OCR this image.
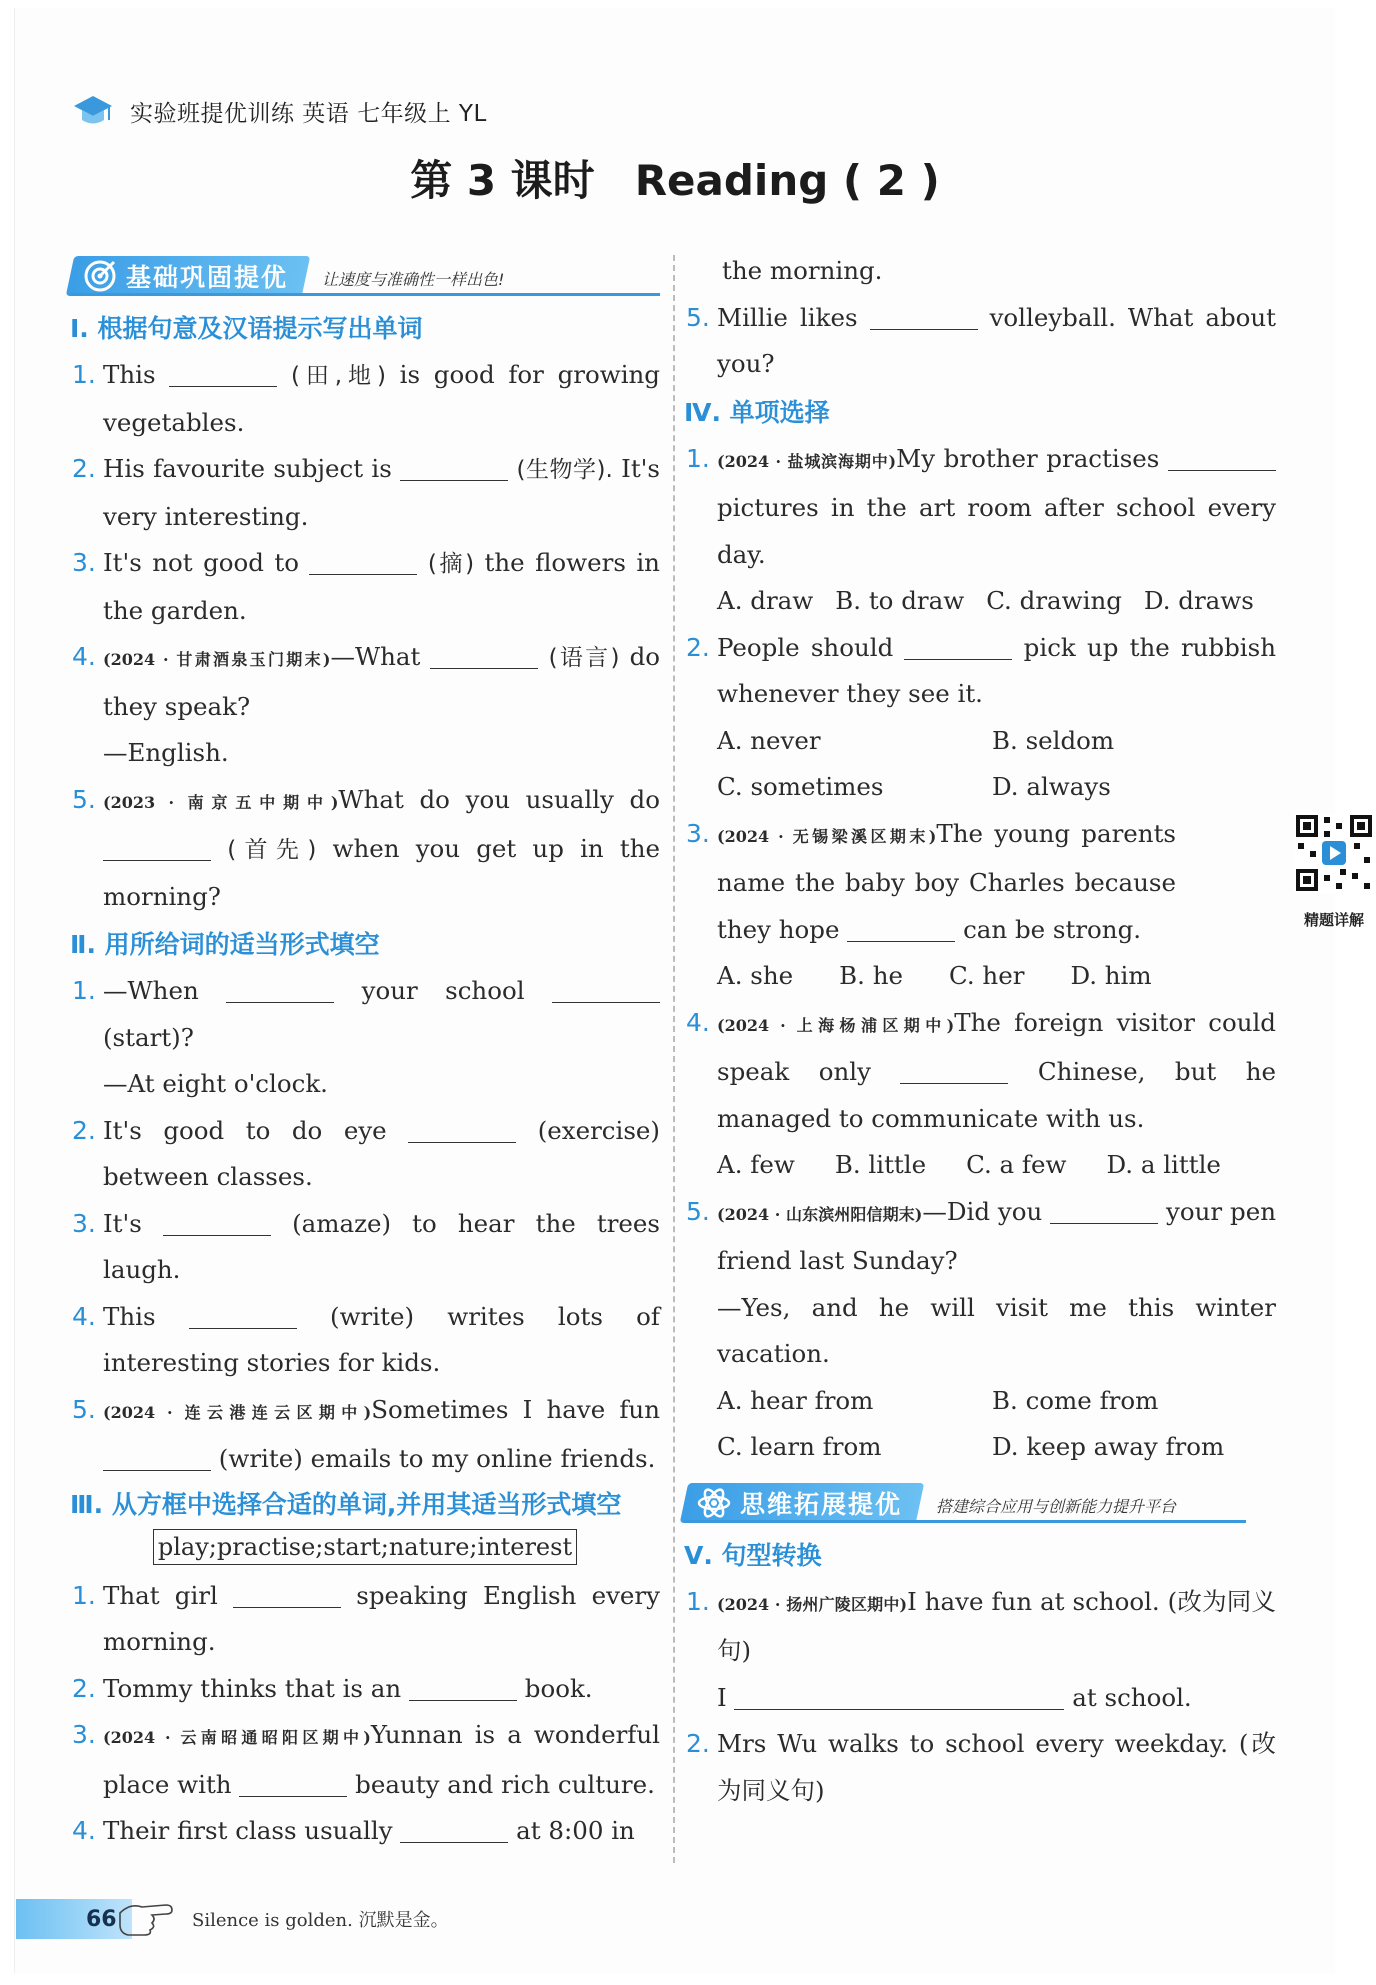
实验班提优训练 英语 七年级上 YL
第 3 课时 Reading ( 2 )
基础巩固提优 让速度与准确性一样出色!
Ⅰ. 根据句意及汉语提示写出单词
1. This	(田,地) is good for growing vegetables.
2. His favourite subject is	(生物学). It's very interesting.
3. It's not good to	(摘) the flowers in the garden.
4. (2024 · 甘肃酒泉玉门期末)—What	(语言) do they speak?
—English.
5. (2023 · 南京五中期中)What do you usually do  (首先) when you get up in the morning?
Ⅱ. 用所给词的适当形式填空
1. —When	your school  (start)?
—At eight o'clock.
2. It's good to do eye	(exercise) between classes.
3. It's	(amaze) to hear the trees laugh.
4. This	(write) writes lots of interesting stories for kids.
5. (2024 · 连云港连云区期中)Sometimes I have fun  (write) emails to my online friends.
Ⅲ. 从方框中选择合适的单词,并用其适当形式填空
play;practise;start;nature;interest
1. That girl	speaking English every morning.
2. Tommy thinks that is an	book.
3. (2024 · 云南昭通昭阳区期中)Yunnan is a wonderful place with	beauty and rich culture.
4. Their first class usually	at 8:00 in
the morning.
5. Millie likes	volleyball. What about you?
Ⅳ. 单项选择
1. (2024 · 盐城滨海期中)My brother practises  pictures in the art room after school every day.
A. draw B. to draw C. drawing D. draws
2. People should	pick up the rubbish whenever they see it.
A. never	B. seldom
C. sometimes	D. always
3. (2024 · 无锡梁溪区期末)The young parents name the baby boy Charles because they hope	can be strong.	精题详解
A. she B. he C. her D. him
4. (2024 · 上海杨浦区期中)The foreign visitor could speak only	Chinese, but he managed to communicate with us.
A. few B. little C. a few D. a little
5. (2024 · 山东滨州阳信期末)—Did you	your pen friend last Sunday?
—Yes, and he will visit me this winter vacation.
A. hear from	B. come from
C. learn from	D. keep away from
思维拓展提优 搭建综合应用与创新能力提升平台
Ⅴ. 句型转换
1. (2024 · 扬州广陵区期中)I have fun at school. (改为同义句)
I	at school.
2. Mrs Wu walks to school every weekday. (改为同义句)
66	Silence is golden. 沉默是金。
